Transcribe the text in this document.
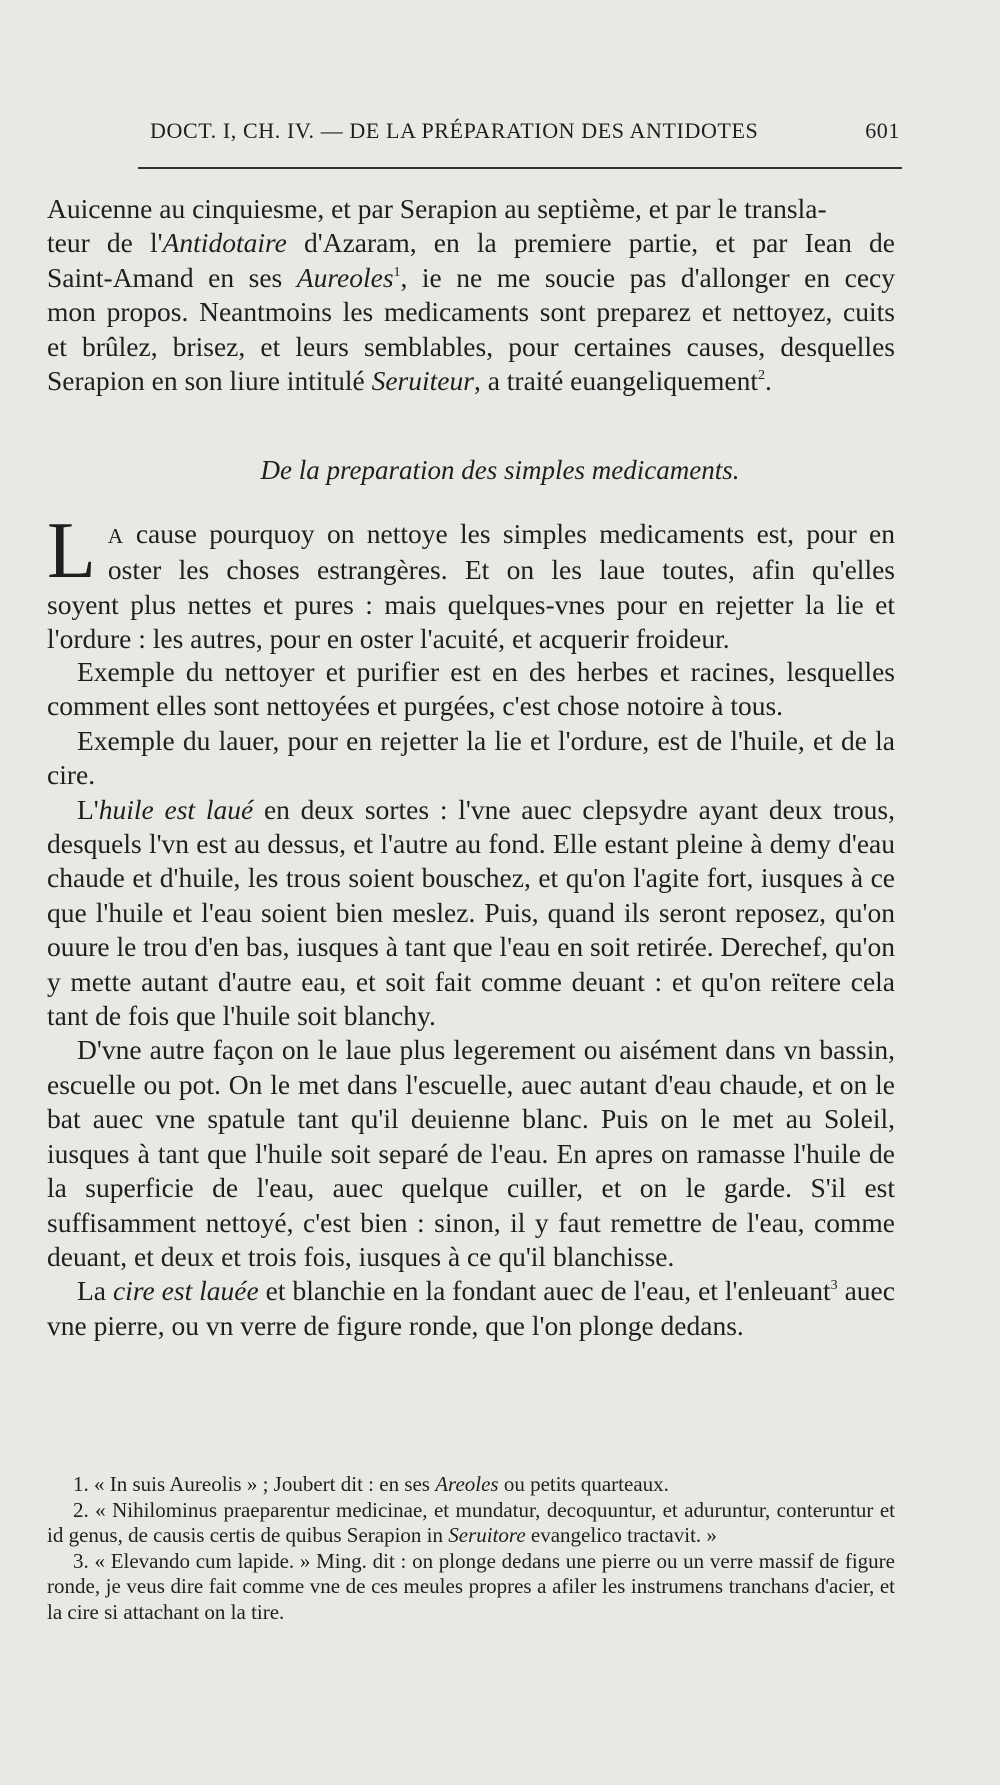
DOCT. I, CH. IV. — DE LA PRÉPARATION DES ANTIDOTES	601
Auicenne au cinquiesme, et par Serapion au septième, et par le transla-
teur de l'Antidotaire d'Azaram, en la premiere partie, et par Iean de
Saint-Amand en ses Aureoles$^1$, ie ne me soucie pas d'allonger en cecy
mon propos. Neantmoins les medicaments sont preparez et nettoyez, cuits
et brûlez, brisez, et leurs semblables, pour certaines causes, desquelles
Serapion en son liure intitulé Seruiteur, a traité euangeliquement$^2$.
De la preparation des simples medicaments.
L A cause pourquoy on nettoye les simples medicaments est, pour en
oster les choses estrangères. Et on les laue toutes, afin qu'elles
soyent plus nettes et pures : mais quelques-vnes pour en rejetter la lie et
l'ordure : les autres, pour en oster l'acuité, et acquerir froideur.

Exemple du nettoyer et purifier est en des herbes et racines, lesquelles comment elles sont nettoyées et purgées, c'est chose notoire à tous.

Exemple du lauer, pour en rejetter la lie et l'ordure, est de l'huile, et de la cire.

L'huile est laué en deux sortes : l'vne auec clepsydre ayant deux trous, desquels l'vn est au dessus, et l'autre au fond. Elle estant pleine à demy d'eau chaude et d'huile, les trous soient bouschez, et qu'on l'agite fort, iusques à ce que l'huile et l'eau soient bien meslez. Puis, quand ils seront reposez, qu'on ouure le trou d'en bas, iusques à tant que l'eau en soit retirée. Derechef, qu'on y mette autant d'autre eau, et soit fait comme deuant : et qu'on reïtere cela tant de fois que l'huile soit blanchy.

D'vne autre façon on le laue plus legerement ou aisément dans vn bassin, escuelle ou pot. On le met dans l'escuelle, auec autant d'eau chaude, et on le bat auec vne spatule tant qu'il deuienne blanc. Puis on le met au Soleil, iusques à tant que l'huile soit separé de l'eau. En apres on ramasse l'huile de la superficie de l'eau, auec quelque cuiller, et on le garde. S'il est suffisamment nettoyé, c'est bien : sinon, il y faut remettre de l'eau, comme deuant, et deux et trois fois, iusques à ce qu'il blanchisse.

La cire est lauée et blanchie en la fondant auec de l'eau, et l'enleuant$^3$ auec vne pierre, ou vn verre de figure ronde, que l'on plonge dedans.

1. « In suis Aureolis » ; Joubert dit : en ses Areoles ou petits quarteaux.

2. « Nihilominus praeparentur medicinae, et mundatur, decoquuntur, et aduruntur, conteruntur et id genus, de causis certis de quibus Serapion in Seruitore evangelico tractavit. »

3. « Elevando cum lapide. » Ming. dit : on plonge dedans une pierre ou un verre massif de figure ronde, je veus dire fait comme vne de ces meules propres a afiler les instrumens tranchans d'acier, et la cire si attachant on la tire.
